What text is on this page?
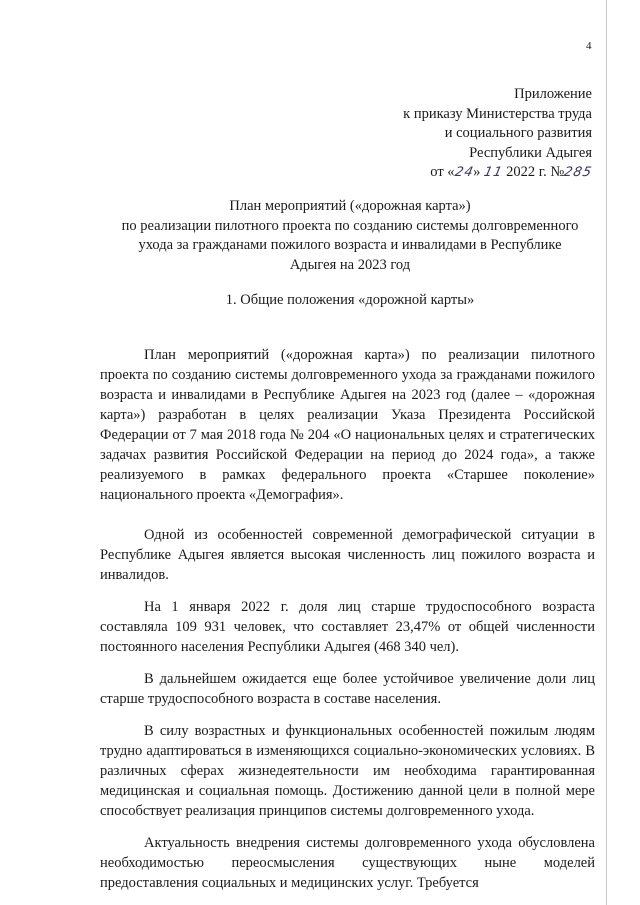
4
Приложение
к приказу Министерства труда
и социального развития
Республики Адыгея
от «24» 11 2022 г. №285
План мероприятий («дорожная карта»)
по реализации пилотного проекта по созданию системы долговременного
ухода за гражданами пожилого возраста и инвалидами в Республике
Адыгея на 2023 год
1. Общие положения «дорожной карты»

План мероприятий («дорожная карта») по реализации пилотного проекта по созданию системы долговременного ухода за гражданами пожилого возраста и инвалидами в Республике Адыгея на 2023 год (далее – «дорожная карта») разработан в целях реализации Указа Президента Российской Федерации от 7 мая 2018 года № 204 «О национальных целях и стратегических задачах развития Российской Федерации на период до 2024 года», а также реализуемого в рамках федерального проекта «Старшее поколение» национального проекта «Демография».

Одной из особенностей современной демографической ситуации в Республике Адыгея является высокая численность лиц пожилого возраста и инвалидов.

На 1 января 2022 г. доля лиц старше трудоспособного возраста составляла 109 931 человек, что составляет 23,47% от общей численности постоянного населения Республики Адыгея (468 340 чел).

В дальнейшем ожидается еще более устойчивое увеличение доли лиц старше трудоспособного возраста в составе населения.

В силу возрастных и функциональных особенностей пожилым людям трудно адаптироваться в изменяющихся социально-экономических условиях. В различных сферах жизнедеятельности им необходима гарантированная медицинская и социальная помощь. Достижению данной цели в полной мере способствует реализация принципов системы долговременного ухода.

Актуальность внедрения системы долговременного ухода обусловлена необходимостью переосмысления существующих ныне моделей предоставления социальных и медицинских услуг. Требуется
